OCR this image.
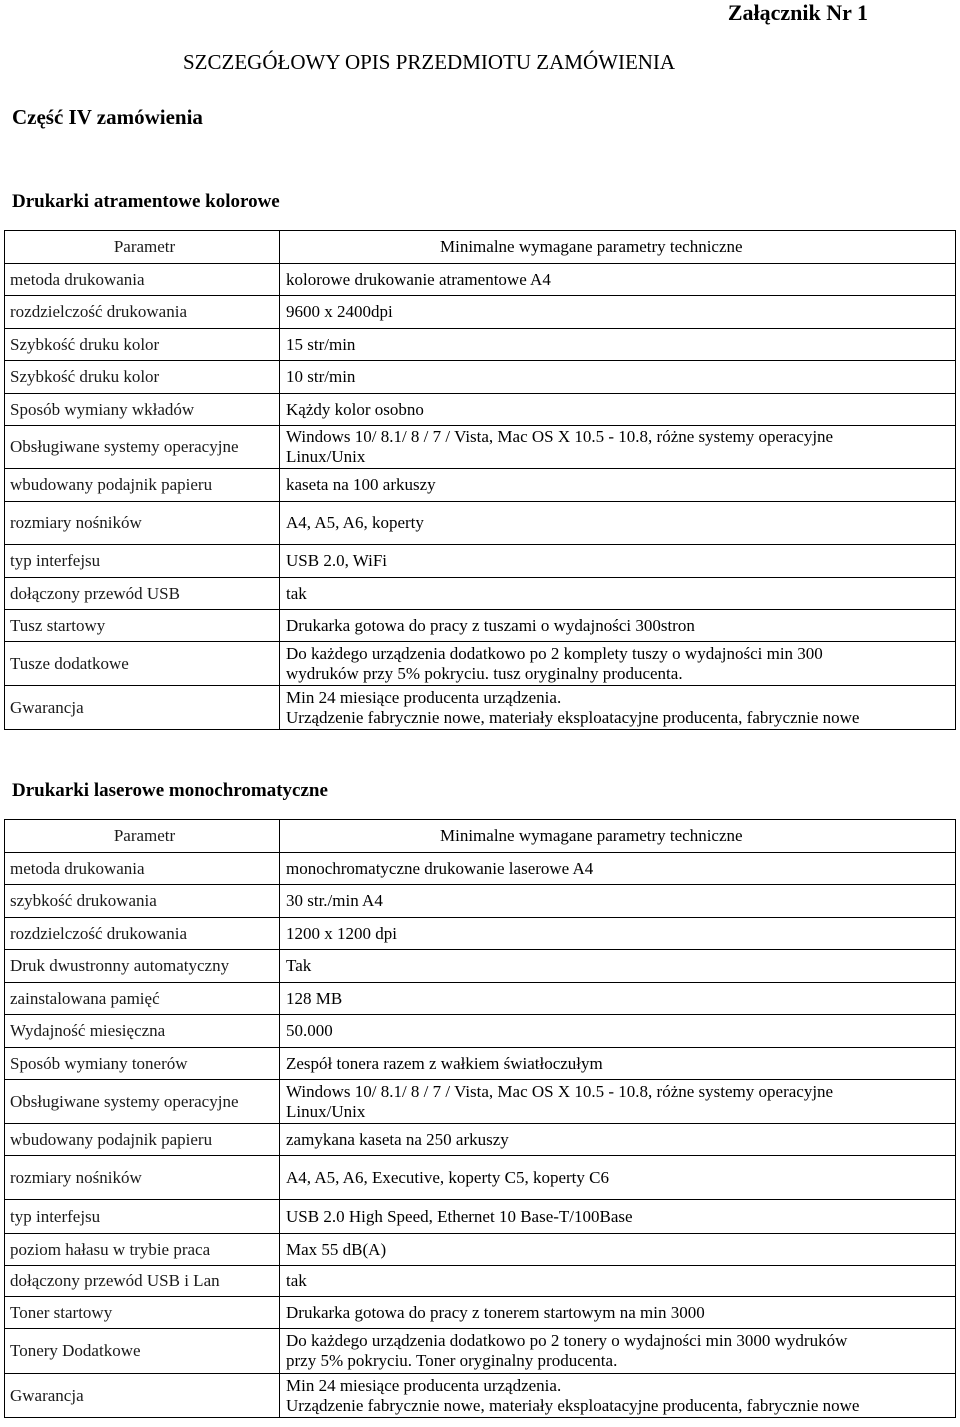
Załącznik Nr 1
SZCZEGÓŁOWY OPIS PRZEDMIOTU ZAMÓWIENIA
Część IV zamówienia
Drukarki atramentowe kolorowe
Parametr	Minimalne wymagane parametry techniczne
metoda drukowania	kolorowe drukowanie atramentowe A4
rozdzielczość drukowania	9600 x 2400dpi
Szybkość druku kolor	15 str/min
Szybkość druku kolor	10 str/min
Sposób wymiany wkładów	Kążdy kolor osobno
Obsługiwane systemy operacyjne	Windows 10/ 8.1/ 8 / 7 / Vista, Mac OS X 10.5 - 10.8, różne systemy operacyjne
Linux/Unix

wbudowany podajnik papieru	kaseta na 100 arkuszy
rozmiary nośników	A4, A5, A6, koperty
typ interfejsu	USB 2.0, WiFi
dołączony przewód USB	tak
Tusz startowy	Drukarka gotowa do pracy z tuszami o wydajności 300stron
Tusze dodatkowe	Do każdego urządzenia dodatkowo po 2 komplety tuszy o wydajności min 300
wydruków przy 5% pokryciu. tusz oryginalny producenta.

Gwarancja	Min 24 miesiące producenta urządzenia.
Urządzenie fabrycznie nowe, materiały eksploatacyjne producenta, fabrycznie nowe
Drukarki laserowe monochromatyczne
Parametr	Minimalne wymagane parametry techniczne
metoda drukowania	monochromatyczne drukowanie laserowe A4
szybkość drukowania	30 str./min A4
rozdzielczość drukowania	1200 x 1200 dpi
Druk dwustronny automatyczny	Tak
zainstalowana pamięć	128 MB
Wydajność miesięczna	50.000
Sposób wymiany tonerów	Zespół tonera razem z wałkiem światłoczułym
Obsługiwane systemy operacyjne	Windows 10/ 8.1/ 8 / 7 / Vista, Mac OS X 10.5 - 10.8, różne systemy operacyjne
Linux/Unix

wbudowany podajnik papieru	zamykana kaseta na 250 arkuszy
rozmiary nośników	A4, A5, A6, Executive, koperty C5, koperty C6
typ interfejsu	USB 2.0 High Speed, Ethernet 10 Base-T/100Base
poziom hałasu w trybie praca	Max 55 dB(A)
dołączony przewód USB i Lan	tak
Toner startowy	Drukarka gotowa do pracy z tonerem startowym na min 3000
Tonery Dodatkowe	Do każdego urządzenia dodatkowo po 2 tonery o wydajności min 3000 wydruków
przy 5% pokryciu. Toner oryginalny producenta.

Gwarancja	Min 24 miesiące producenta urządzenia.
Urządzenie fabrycznie nowe, materiały eksploatacyjne producenta, fabrycznie nowe
